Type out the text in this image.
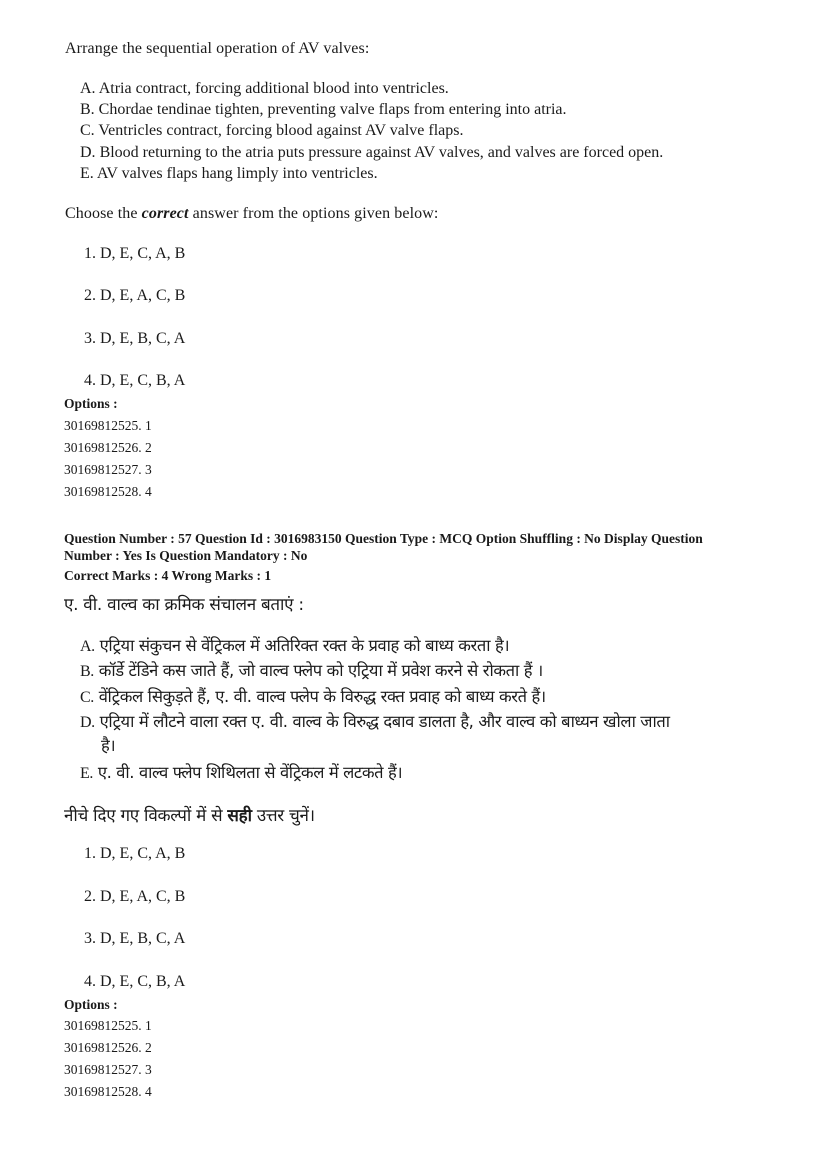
Arrange the sequential operation of AV valves:
A. Atria contract, forcing additional blood into ventricles.
B. Chordae tendinae tighten, preventing valve flaps from entering into atria.
C. Ventricles contract, forcing blood against AV valve flaps.
D. Blood returning to the atria puts pressure against AV valves, and valves are forced open.
E. AV valves flaps hang limply into ventricles.
Choose the correct answer from the options given below:
1. D, E, C, A, B
2. D, E, A, C, B
3. D, E, B, C, A
4. D, E, C, B, A
Options :
30169812525. 1
30169812526. 2
30169812527. 3
30169812528. 4
Question Number : 57 Question Id : 3016983150 Question Type : MCQ Option Shuffling : No Display Question
Number : Yes Is Question Mandatory : No
Correct Marks : 4 Wrong Marks : 1
ए. वी. वाल्व का क्रमिक संचालन बताएं :
A. एट्रिया संकुचन से वेंट्रिकल में अतिरिक्त रक्त के प्रवाह को बाध्य करता है।
B. कॉर्डे टेंडिने कस जाते हैं, जो वाल्व फ्लेप को एट्रिया में प्रवेश करने से रोकता हैं ।
C. वेंट्रिकल सिकुड़ते हैं, ए. वी. वाल्व फ्लेप के विरुद्ध रक्त प्रवाह को बाध्य करते हैं।
D. एट्रिया में लौटने वाला रक्त ए. वी. वाल्व के विरुद्ध दबाव डालता है, और वाल्व को बाध्यन खोला जाता
है।
E. ए. वी. वाल्व फ्लेप शिथिलता से वेंट्रिकल में लटकते हैं।
नीचे दिए गए विकल्पों में से सही उत्तर चुनें।
1. D, E, C, A, B
2. D, E, A, C, B
3. D, E, B, C, A
4. D, E, C, B, A
Options :
30169812525. 1
30169812526. 2
30169812527. 3
30169812528. 4
